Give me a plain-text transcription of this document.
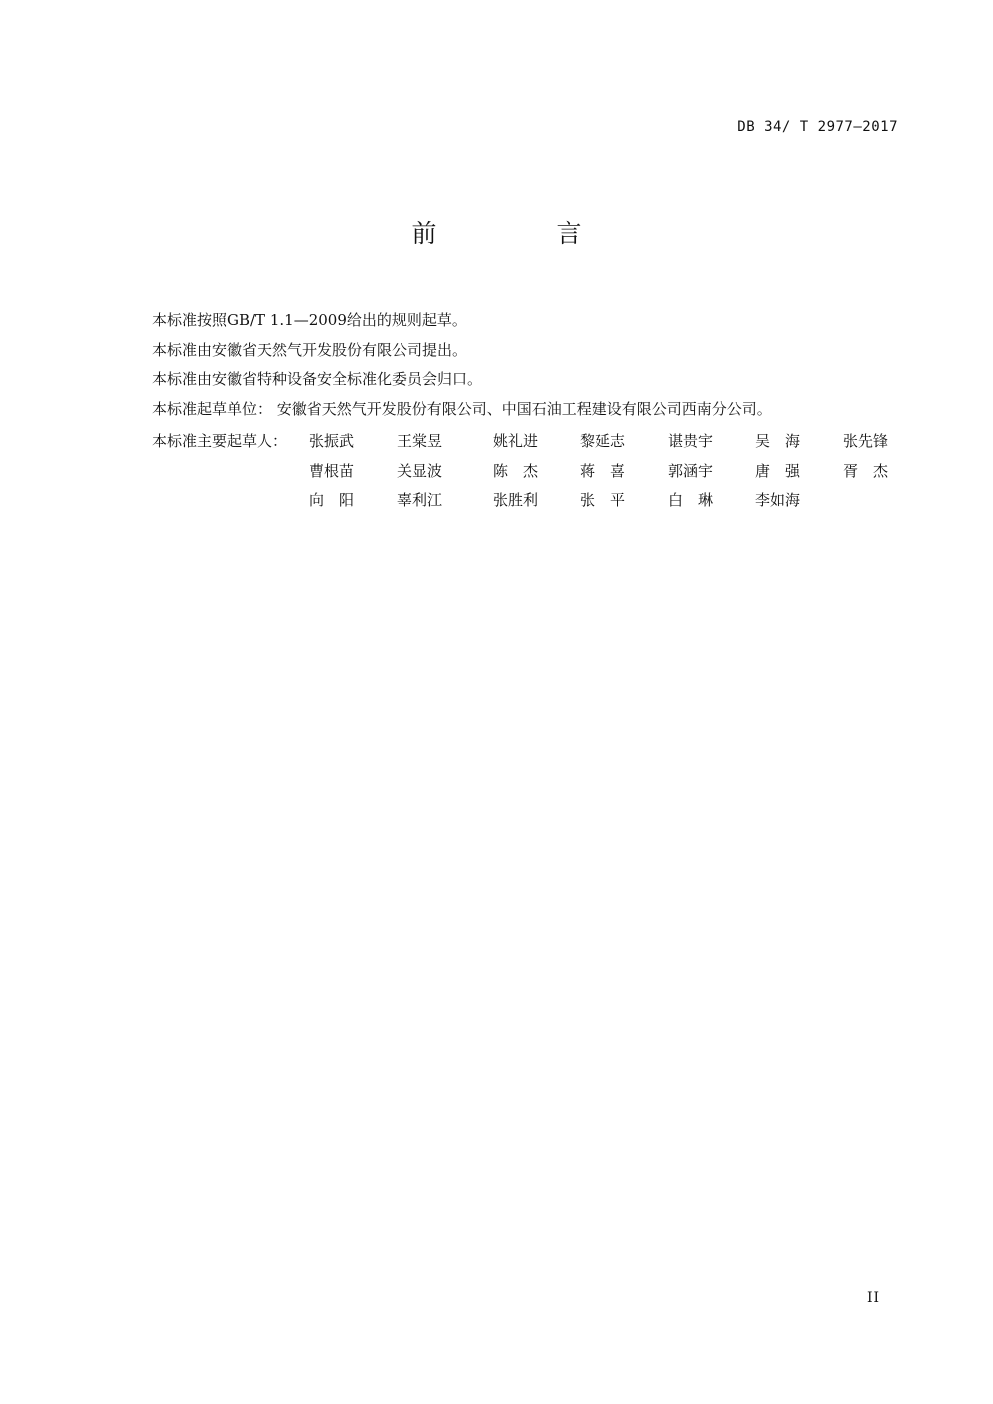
DB 34/ T 2977—2017
前 言
本标准按照GB/T 1.1—2009给出的规则起草。
本标准由安徽省天然气开发股份有限公司提出。
本标准由安徽省特种设备安全标准化委员会归口。
本标准起草单位： 安徽省天然气开发股份有限公司、中国石油工程建设有限公司西南分公司。
本标准主要起草人： 张振武	王棠昱	姚礼进	黎延志	谌贵宇	吴　海	张先锋
曹根苗	关显波	陈　杰	蒋　喜	郭涵宇	唐　强	胥　杰
向　阳	辜利江	张胜利	张　平	白　琳	李如海
II
